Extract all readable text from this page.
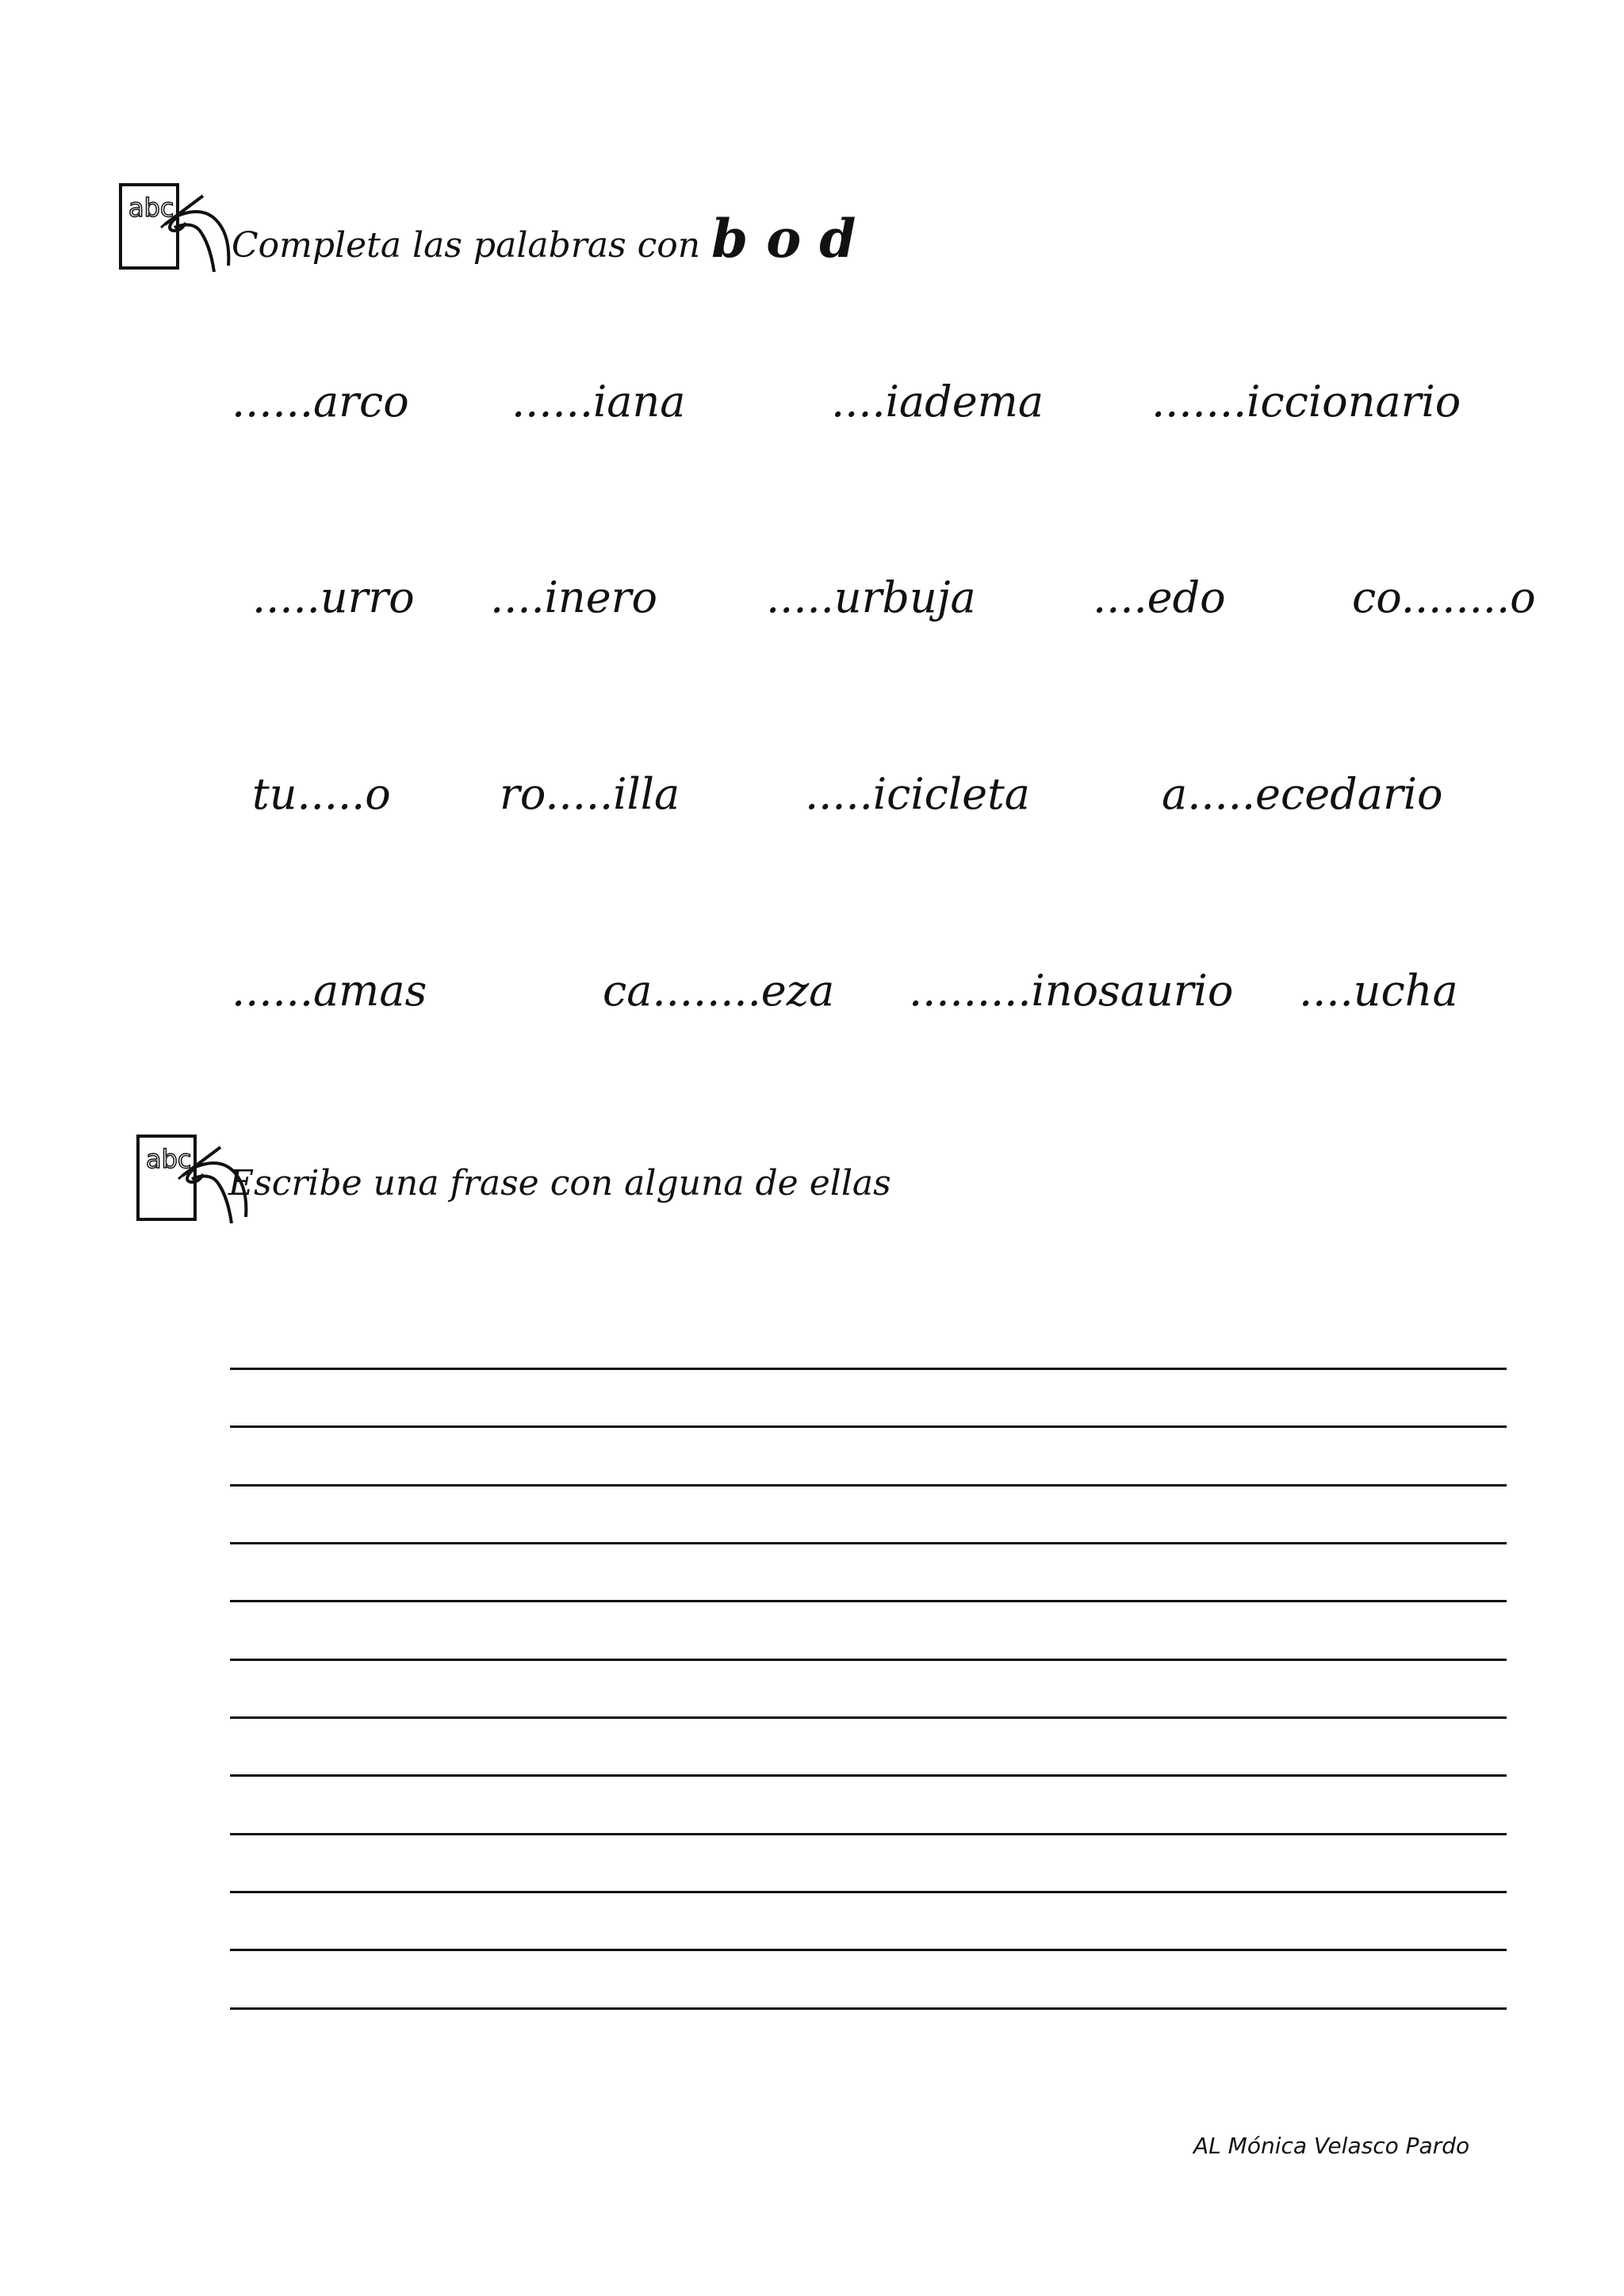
abc
Completa las palabras con b o d
......arco ......iana	....iadema	.......iccionario
.....urro ....inero	.....urbuja	....edo	co........o
tu.....o	ro.....illa	.....icicleta	a.....ecedario
......amas	ca........eza .........inosaurio ....ucha
abc
Escribe una frase con alguna de ellas
AL Mónica Velasco Pardo
